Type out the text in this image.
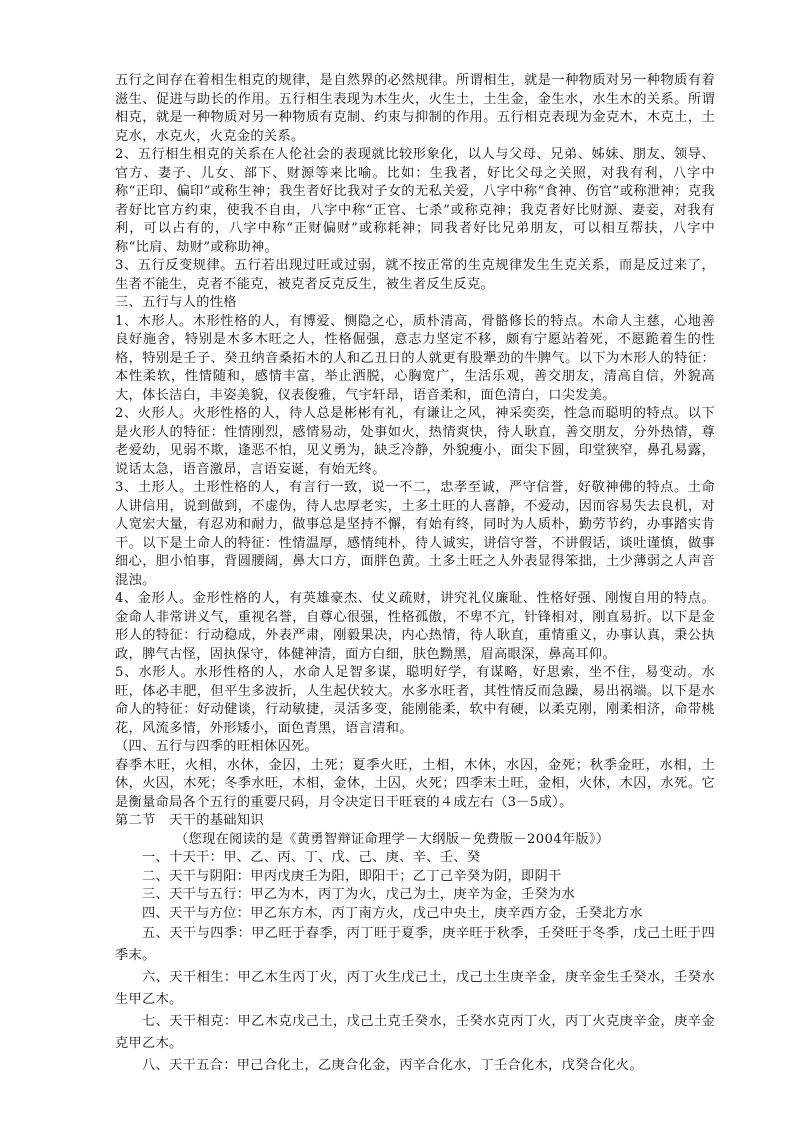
五行之间存在着相生相克的规律，是自然界的必然规律。所谓相生，就是一种物质对另一种物质有着滋生、促进与助长的作用。五行相生表现为木生火，火生土，土生金，金生水，水生木的关系。所谓相克，就是一种物质对另一种物质有克制、约束与抑制的作用。五行相克表现为金克木，木克土，土克水，水克火，火克金的关系。

2、五行相生相克的关系在人伦社会的表现就比较形象化，以人与父母、兄弟、姊妹、朋友、领导、官方、妻子、儿女、部下、财源等来比喻。比如：生我者，好比父母之关照，对我有利，八字中称“正印、偏印”或称生神；我生者好比我对子女的无私关爱，八字中称“食神、伤官”或称泄神；克我者好比官方约束，使我不自由，八字中称“正官、七杀”或称克神；我克者好比财源、妻妾，对我有利，可以占有的，八字中称“正财偏财”或称耗神；同我者好比兄弟朋友，可以相互帮扶，八字中称“比肩、劫财”或称助神。

3、五行反变规律。五行若出现过旺或过弱，就不按正常的生克规律发生生克关系，而是反过来了，生者不能生，克者不能克，被克者反克反生，被生者反生反克。

三、五行与人的性格

1、木形人。木形性格的人，有博爱、恻隐之心，质朴清高，骨骼修长的特点。木命人主慈，心地善良好施舍，特别是木多木旺之人，性格倔强，意志力坚定不移，颇有宁愿站着死，不愿跪着生的性格，特别是壬子、癸丑纳音桑拓木的人和乙丑日的人就更有股犟劲的牛脾气。以下为木形人的特征：本性柔软，性情随和，感情丰富，举止洒脱，心胸宽广，生活乐观，善交朋友，清高自信，外貌高大，体长洁白，丰姿美貌，仪表俊雅，气宇轩昂，语音柔和，面色清白，口尖发美。

2、火形人。火形性格的人，待人总是彬彬有礼，有谦让之风，神采奕奕，性急而聪明的特点。以下是火形人的特征：性情刚烈，感情易动，处事如火，热情爽快，待人耿直，善交朋友，分外热情，尊老爱幼，见弱不欺，逢恶不怕，见义勇为，缺乏冷静，外貌瘦小，面尖下圆，印堂狭窄，鼻孔易露，说话太急，语音激昂，言语妄诞，有始无终。

3、土形人。土形性格的人，有言行一致，说一不二，忠孝至诚，严守信誉，好敬神佛的特点。土命人讲信用，说到做到，不虚伪，待人忠厚老实，土多土旺的人喜静，不爱动，因而容易失去良机，对人宽宏大量，有忍劝和耐力，做事总是坚持不懈，有始有终，同时为人质朴，勤劳节约，办事踏实肯干。以下是土命人的特征：性情温厚，感情纯朴，待人诚实，讲信守誉，不讲假话，谈吐谨慎，做事细心，胆小怕事，背圆腰阔，鼻大口方，面胖色黄。土多土旺之人外表显得笨拙，土少薄弱之人声音混浊。

4、金形人。金形性格的人，有英雄豪杰、仗义疏财，讲究礼仪廉耻、性格好强、刚愎自用的特点。金命人非常讲义气，重视名誉，自尊心很强，性格孤傲，不卑不亢，针锋相对，刚直易折。以下是金形人的特征：行动稳成，外表严肃，刚毅果决，内心热情，待人耿直，重情重义，办事认真，秉公执政，脾气古怪，固执保守，体健神清，面方白细，肤色黝黑，眉高眼深，鼻高耳仰。

5、水形人。水形性格的人，水命人足智多谋，聪明好学，有谋略，好思索，坐不住，易变动。水旺，体必丰肥，但平生多波折，人生起伏较大。水多水旺者，其性情反而急躁，易出祸端。以下是水命人的特征：好动健谈，行动敏捷，灵活多变，能刚能柔，软中有硬，以柔克刚，刚柔相济，命带桃花，风流多情，外形矮小，面色青黑，语言清和。

（四、五行与四季的旺相休囚死。

春季木旺，火相，水休，金囚，土死；夏季火旺，土相，木休，水囚，金死；秋季金旺，水相，土休，火囚，木死；冬季水旺，木相，金休，土囚，火死；四季末土旺，金相，火休，木囚，水死。它是衡量命局各个五行的重要尺码，月令决定日干旺衰的４成左右（3－5成）。

第二节　天干的基础知识

（您现在阅读的是《黄勇智辩证命理学－大纲版－免费版－2004年版》）

一、十天干：甲、乙、丙、丁、戊、己、庚、辛、壬、癸

二、天干与阴阳：甲丙戊庚壬为阳，即阳干；乙丁己辛癸为阴，即阴干

三、天干与五行：甲乙为木，丙丁为火，戊己为土，庚辛为金，壬癸为水

四、天干与方位：甲乙东方木，丙丁南方火，戊己中央土，庚辛西方金，壬癸北方水

五、天干与四季：甲乙旺于春季，丙丁旺于夏季，庚辛旺于秋季，壬癸旺于冬季，戊己土旺于四季末。

六、天干相生：甲乙木生丙丁火，丙丁火生戊己土，戊己土生庚辛金，庚辛金生壬癸水，壬癸水生甲乙木。

七、天干相克：甲乙木克戊己土，戊己土克壬癸水，壬癸水克丙丁火，丙丁火克庚辛金，庚辛金克甲乙木。

八、天干五合：甲己合化土，乙庚合化金，丙辛合化水，丁壬合化木，戊癸合化火。
